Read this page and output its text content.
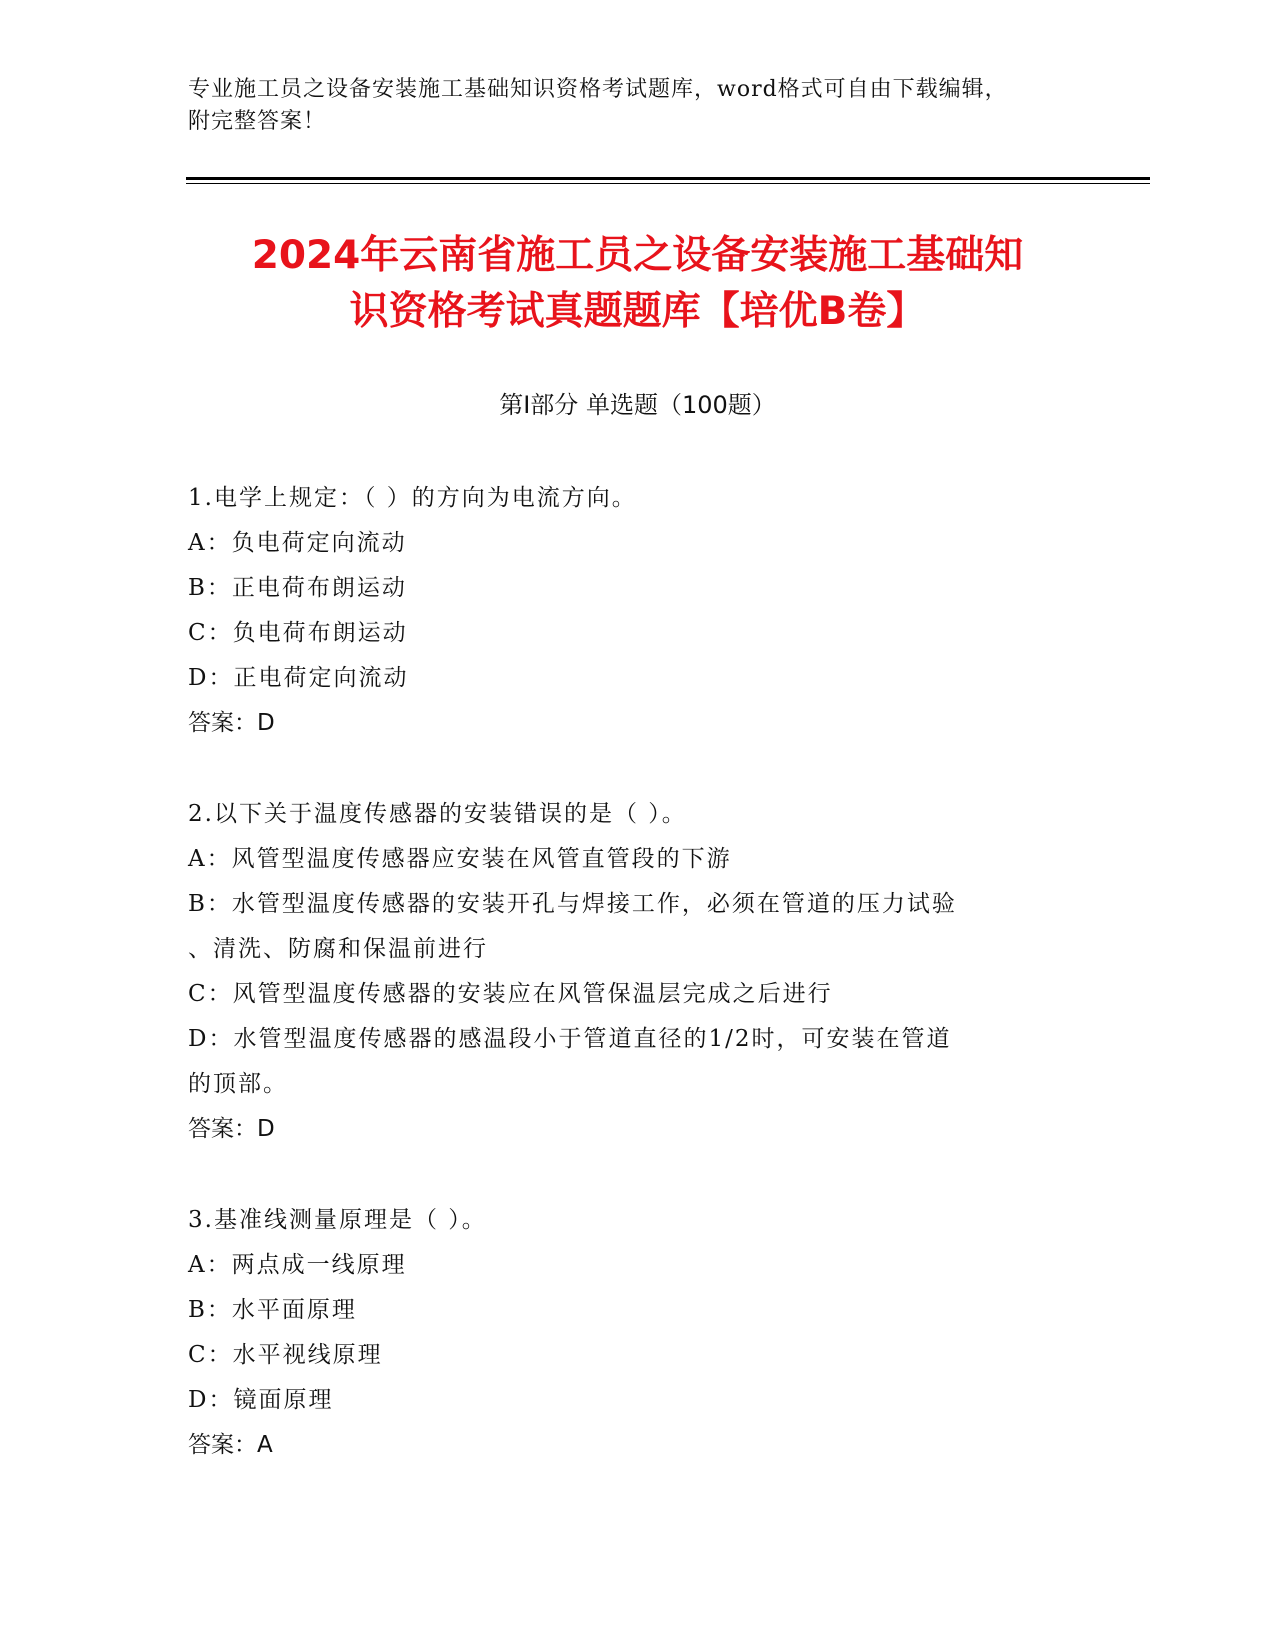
专业施工员之设备安装施工基础知识资格考试题库，word格式可自由下载编辑，
附完整答案！
2024年云南省施工员之设备安装施工基础知
识资格考试真题题库【培优B卷】
第Ⅰ部分 单选题（100题）
1.电学上规定：（ ）的方向为电流方向。
A：负电荷定向流动
B：正电荷布朗运动
C：负电荷布朗运动
D：正电荷定向流动
答案：D
2.以下关于温度传感器的安装错误的是（ ）。
A：风管型温度传感器应安装在风管直管段的下游
B：水管型温度传感器的安装开孔与焊接工作，必须在管道的压力试验
、清洗、防腐和保温前进行
C：风管型温度传感器的安装应在风管保温层完成之后进行
D：水管型温度传感器的感温段小于管道直径的1/2时，可安装在管道
的顶部。
答案：D
3.基准线测量原理是（ ）。
A：两点成一线原理
B：水平面原理
C：水平视线原理
D：镜面原理
答案：A
